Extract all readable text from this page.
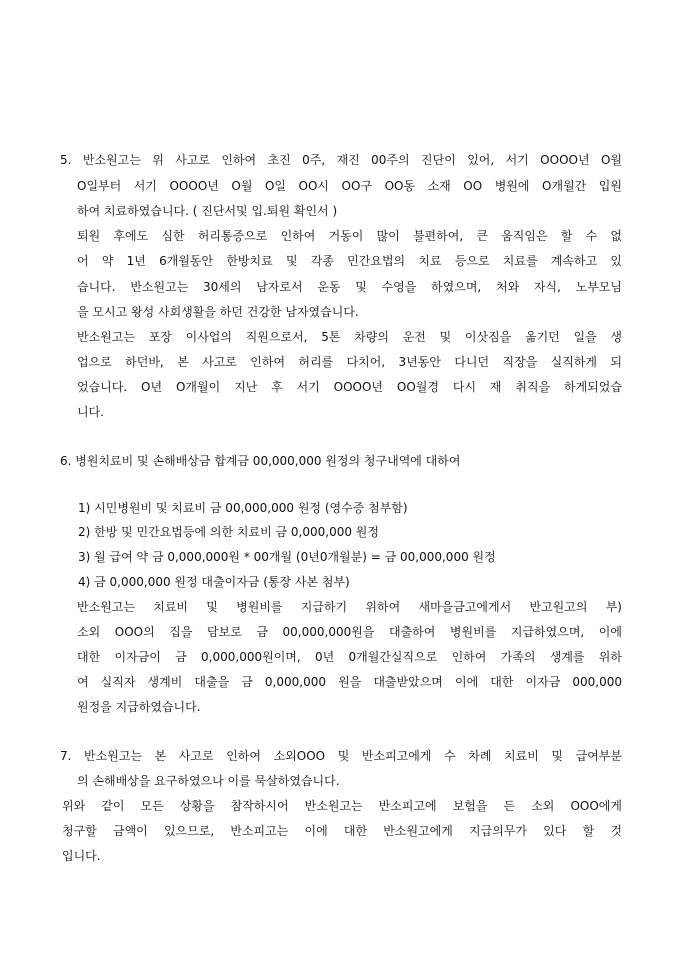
5. 반소원고는 위 사고로 인하여 초진 0주, 재진 00주의 진단이 있어, 서기 OOOO년 O월
O일부터 서기 OOOO년 O월 O일 OO시 OO구 OO동 소재 OO 병원에 O개월간 입원
하여 치료하였습니다. ( 진단서및 입.퇴원 확인서 )
퇴원 후에도 심한 허리통증으로 인하여 거동이 많이 불편하여, 큰 움직임은 할 수 없
어 약 1년 6개월동안 한방치료 및 각종 민간요법의 치료 등으로 치료를 계속하고 있
습니다. 반소원고는 30세의 남자로서 운동 및 수영을 하였으며, 처와 자식, 노부모님
을 모시고 왕성 사회생활을 하던 건강한 남자였습니다.
반소원고는 포장 이사업의 직원으로서, 5톤 차량의 운전 및 이삿짐을 옮기던 일을 생
업으로 하던바, 본 사고로 인하여 허리를 다치어, 3년동안 다니던 직장을 실직하게 되
었습니다. O년 O개월이 지난 후 서기 OOOO년 OO월경 다시 재 취직을 하게되었습
니다.
6. 병원치료비 및 손해배상금 합계금 00,000,000 원정의 청구내역에 대하여
1) 시민병원비 및 치료비 금 00,000,000 원정 (영수증 첨부함)
2) 한방 및 민간요법등에 의한 치료비 금 0,000,000 원정
3) 월 급여 약 금 0,000,000원 * 00개월 (0년0개월분) = 금 00,000,000 원정
4) 금 0,000,000 원정 대출이자금 (통장 사본 첨부)
반소원고는 치료비 및 병원비를 지급하기 위하여 새마을금고에게서 반고원고의 부)
소외 OOO의 집을 담보로 금 00,000,000원을 대출하여 병원비를 지급하였으며, 이에
대한 이자금이 금 0,000,000원이며, 0년 0개월간실직으로 인하여 가족의 생계를 위하
여 실직자 생계비 대출을 금 0,000,000 원을 대출받았으며 이에 대한 이자금 000,000
원정을 지급하였습니다.
7. 반소원고는 본 사고로 인하여 소외OOO 및 반소피고에게 수 차례 치료비 및 급여부분
의 손해배상을 요구하였으나 이를 묵살하였습니다.
위와 같이 모든 상황을 참작하시어 반소원고는 반소피고에 보험을 든 소외 OOO에게
청구할 금액이 있으므로, 반소피고는 이에 대한 반소원고에게 지급의무가 있다 할 것
입니다.
